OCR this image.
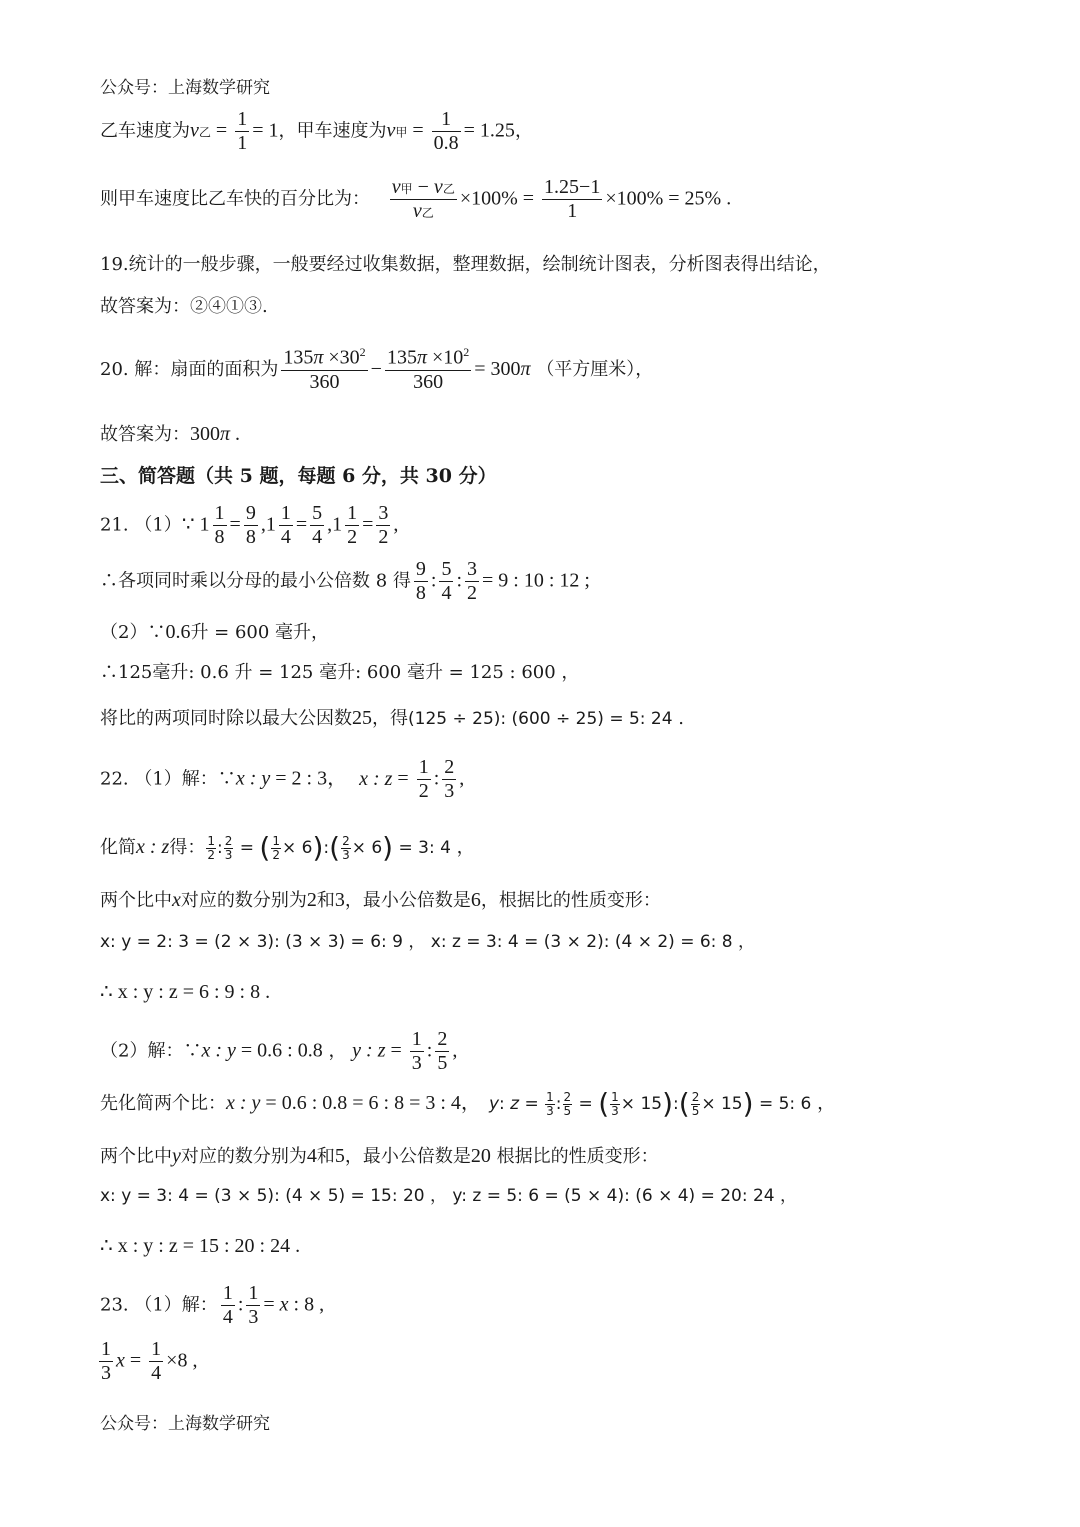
公众号：上海数学研究
乙车速度为v乙 = $\frac{1}{1} = 1$，甲车速度为v甲 = $\frac{1}{0.8} = 1.25$，
则甲车速度比乙车快的百分比为： $\frac{\text{v甲 − v乙}}{\text{v乙}} \times 100\% = \frac{1.25-1}{1} \times 100\% = 25\%$ .
19.统计的一般步骤，一般要经过收集数据，整理数据，绘制统计图表，分析图表得出结论，
故答案为：②④①③.
20. 解：扇面的面积为 $\frac{135\pi \times 30^2}{360} - \frac{135\pi \times 10^2}{360} = 300\pi$ （平方厘米），
故答案为：300π .
三、简答题（共 5 题，每题 6 分，共 30 分）
21. （1）∵ $1 \frac{1}{8} = \frac{9}{8} ,1 \frac{1}{4} = \frac{5}{4} ,1 \frac{1}{2} = \frac{3}{2}$ ,
∴各项同时乘以分母的最小公倍数 8 得 $\frac{9}{8}$ : $\frac{5}{4}$ : $\frac{3}{2} = 9$ : 10 : 12 ;
（2）∵0.6升 = 600 毫升，
∴125毫升: 0.6 升 = 125 毫升: 600 毫升 = 125 : 600 ，
将比的两项同时除以最大公因数25，得(125 ÷ 25): (600 ÷ 25) = 5: 24 .
22. （1）解：∵x : y = 2 : 3， x : $z = \frac{1}{2}$ : $\frac{2}{3}$ ,
化简x : z得： $\frac{1}{2}$ : $\frac{2}{3}$ = ( $\frac{1}{2}$ × 6):( $\frac{2}{3} \times 6) = 3$: 4 ，
两个比中x对应的数分别为2和3，最小公倍数是6，根据比的性质变形：
x: y = 2: 3 = (2 × 3): (3 × 3) = 6: 9 ， x: z = 3: 4 = (3 × 2): (4 × 2) = 6: 8 ，
∴ x : y : z = 6 : 9 : 8 .
（2）解：∵x : y = 0.6 : 0.8 ， y : $z = \frac{1}{3}$ : $\frac{2}{5}$ ,
先化简两个比：x : y = 0.6 : 0.8 = 6 : 8 = 3 : 4， y: $z = \frac{1}{3}$ : $\frac{2}{5}$ = ( $\frac{1}{3}$ × 15):( $\frac{2}{5} \times 15) = 5$: 6 ，
两个比中y对应的数分别为4和5，最小公倍数是20 根据比的性质变形：
x: y = 3: 4 = (3 × 5): (4 × 5) = 15: 20 ， y: z = 5: 6 = (5 × 4): (6 × 4) = 20: 24 ，
∴ x : y : z = 15 : 20 : 24 .
23. （1）解： $\frac{1}{4}$ : $\frac{1}{3} = x$ : 8 ,
$\frac{1}{3}$ $x = \frac{1}{4} \times 8$ ,
公众号：上海数学研究
